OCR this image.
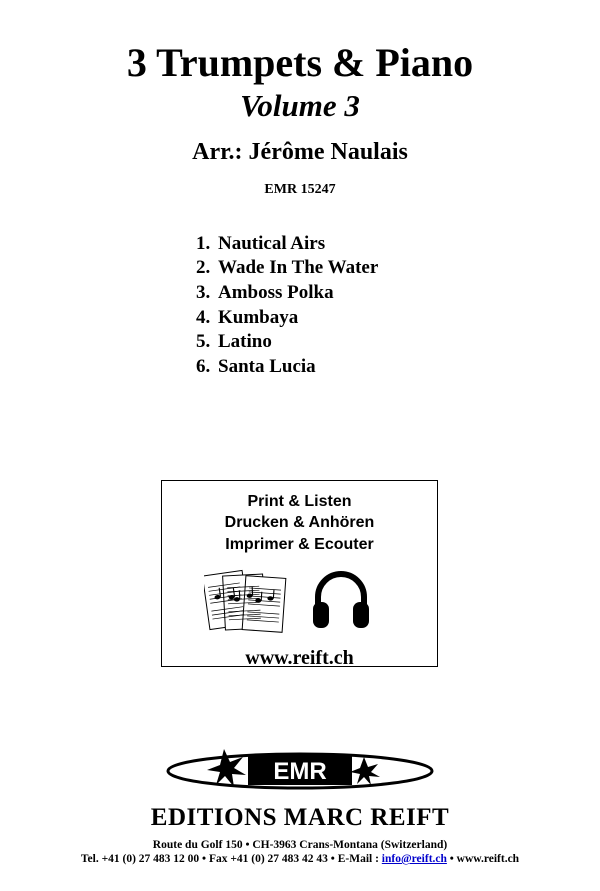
3 Trumpets & Piano
Volume 3
Arr.: Jérôme Naulais
EMR 15247
1. Nautical Airs
2. Wade In The Water
3. Amboss Polka
4. Kumbaya
5. Latino
6. Santa Lucia
Print & Listen
Drucken & Anhören
Imprimer & Ecouter
www.reift.ch
EMR
EDITIONS MARC REIFT
Route du Golf 150 • CH-3963 Crans-Montana (Switzerland)
Tel. +41 (0) 27 483 12 00 • Fax +41 (0) 27 483 42 43 • E-Mail : info@reift.ch • www.reift.ch
